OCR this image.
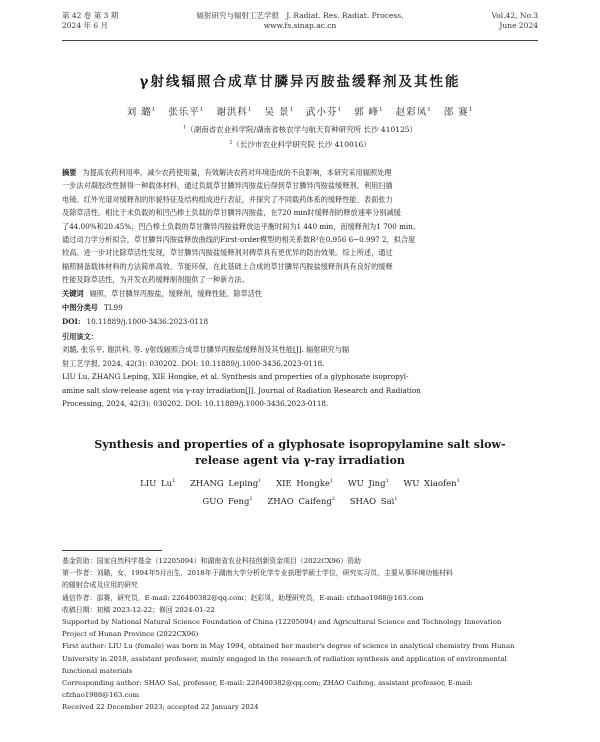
第 42 卷 第 3 期
2024 年 6 月
辐射研究与辐射工艺学报 J. Radiat. Res. Radiat. Process.
www.fs.sinap.ac.cn
Vol.42, No.3
June 2024
γ射线辐照合成草甘膦异丙胺盐缓释剂及其性能
刘 璐$^1$ 张乐平$^1$ 谢洪科$^1$ 吴 景$^1$ 武小芬$^1$ 郭 峰$^1$ 赵彩凤$^1$ 邵 赛$^1$
$^1$（湖南省农业科学院/湖南省核农学与航天育种研究所 长沙 410125）
$^2$（长沙市农业科学研究院 长沙 410016）
摘要 为提高农药利用率，减少农药使用量，有效解决农药对环境造成的不良影响，本研究采用辐照处理
一步法对凝胶改性制得一种载体材料，通过负载草甘膦异丙胺盐后得到草甘膦异丙胺盐缓释剂，利用扫描
电镜、红外光谱对缓释剂的形貌特征及结构组成进行表征，并探究了不同载药体系的缓释性能、表面张力
及除草活性。相比于未负载的和凹凸棒土负载的草甘膦异丙胺盐，在720 min时缓释剂的释放速率分别减缓
了44.00%和20.45%；凹凸棒土负载的草甘膦异丙胺盐释放达平衡时间为1 440 min，而缓释剂为1 700 min。
通过动力学分析拟合，草甘膦异丙胺盐释放曲线的First-order模型的相关系数R²在0.956 6~0.997 2，拟合度
较高。进一步对比除草活性发现，草甘膦异丙胺盐缓释剂对稗草具有更优异的防治效果。综上所述，通过
辐照制备载体材料的方法简单高效、节能环保，在此基础上合成的草甘膦异丙胺盐缓释剂具有良好的缓释
性能及除草活性，为开发农药缓释制剂提供了一种新方法。
关键词 辐照，草甘膦异丙胺盐，缓释剂，缓释性能，除草活性
中图分类号 TL99
DOI: 10.11889/j.1000-3436.2023-0118
引用该文：
刘璐, 张乐平, 谢洪科, 等. γ射线辐照合成草甘膦异丙胺盐缓释剂及其性能[J]. 辐射研究与辐
射工艺学报, 2024, 42(3): 030202. DOI: 10.11889/j.1000-3436.2023-0118.
LIU Lu, ZHANG Leping, XIE Hongke, et al. Synthesis and properties of a glyphosate isopropyl-
amine salt slow-release agent via γ-ray irradiation[J]. Journal of Radiation Research and Radiation
Processing, 2024, 42(3): 030202. DOI: 10.11889/j.1000-3436.2023-0118.
Synthesis and properties of a glyphosate isopropylamine salt slow-release agent via γ-ray irradiation
LIU Lu$^1$ ZHANG Leping$^1$ XIE Hongke$^1$ WU Jing$^1$ WU Xiaofen$^1$
GUO Feng$^1$ ZHAO Caifeng$^2$ SHAO Sai$^1$
基金资助：国家自然科学基金（12205094）和湖南省农业科技创新资金项目（2022CX96）资助
第一作者：刘璐，女，1994年5月出生，2018年于湖南大学分析化学专业获理学硕士学位，研究实习员，主要从事环境功能材料
的辐射合成及应用的研究
通信作者：邵赛，研究员，E-mail: 226400382@qq.com；赵彩凤，助理研究员，E-mail: cfzhao1988@163.com
收稿日期：初稿 2023-12-22；修回 2024-01-22
Supported by National Natural Science Foundation of China (12205094) and Agricultural Science and Technology Innovation
Project of Hunan Province (2022CX96)
First author: LIU Lu (female) was born in May 1994, obtained her master's degree of science in analytical chemistry from Hunan
University in 2018, assistant professor, mainly engaged in the research of radiation synthesis and application of environmental
functional materials
Corresponding author: SHAO Sai, professor, E-mail: 226400382@qq.com; ZHAO Caifeng, assistant professor, E-mail:
cfzhao1988@163.com
Received 22 December 2023; accepted 22 January 2024
